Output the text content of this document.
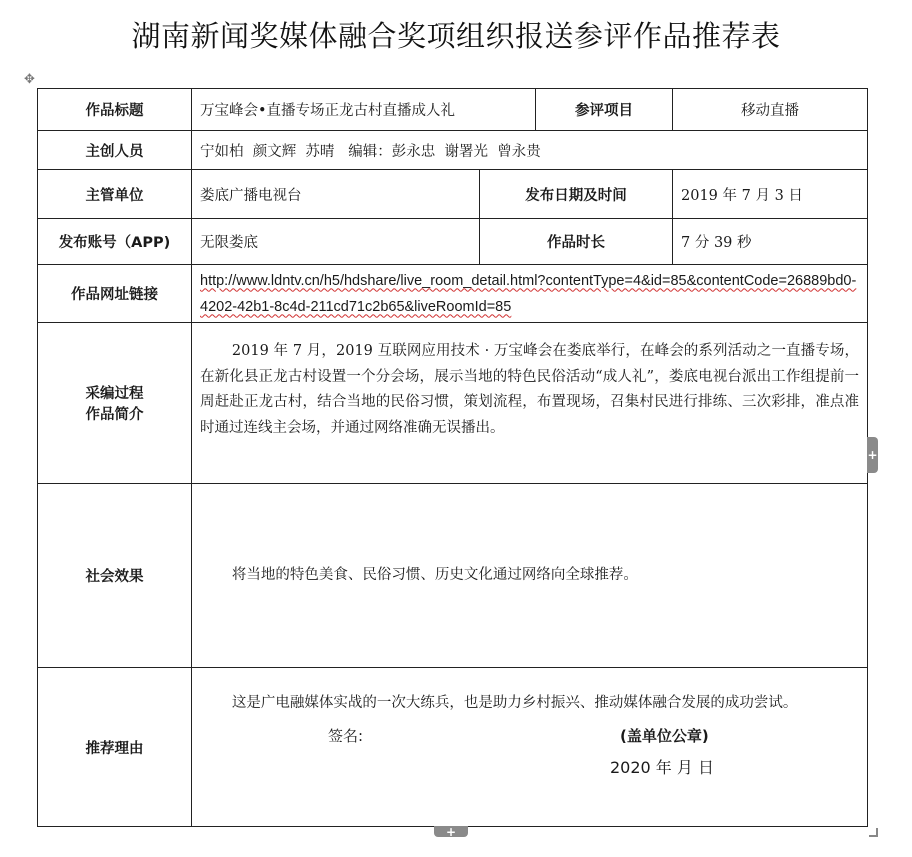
湖南新闻奖媒体融合奖项组织报送参评作品推荐表
✥
作品标题	万宝峰会•直播专场正龙古村直播成人礼		参评项目	移动直播
主创人员	宁如柏  颜文辉  苏晴   编辑：彭永忠  谢署光  曾永贵			
主管单位	娄底广播电视台	发布日期及时间		2019 年 7 月 3 日
发布账号（APP)	无限娄底	作品时长		7 分 39 秒
作品网址链接	http://www.ldntv.cn/h5/hdshare/live_room_detail.html?contentType=4&id=85&contentCode=26889bd0-4202-42b1-8c4d-211cd71c2b65&liveRoomId=85			

采编过程
作品简介	2019 年 7 月，2019 互联网应用技术 · 万宝峰会在娄底举行，在峰会的系列活动之一直播专场，在新化县正龙古村设置一个分会场，展示当地的特色民俗活动“成人礼”，娄底电视台派出工作组提前一周赶赴正龙古村，结合当地的民俗习惯，策划流程，布置现场，召集村民进行排练、三次彩排，准点准时通过连线主会场，并通过网络准确无误播出。			

社会效果	将当地的特色美食、民俗习惯、历史文化通过网络向全球推荐。			

推荐理由	这是广电融媒体实战的一次大练兵，也是助力乡村振兴、推动媒体融合发展的成功尝试。
签名: (盖单位公章)
2020 年 月 日			
+
+
